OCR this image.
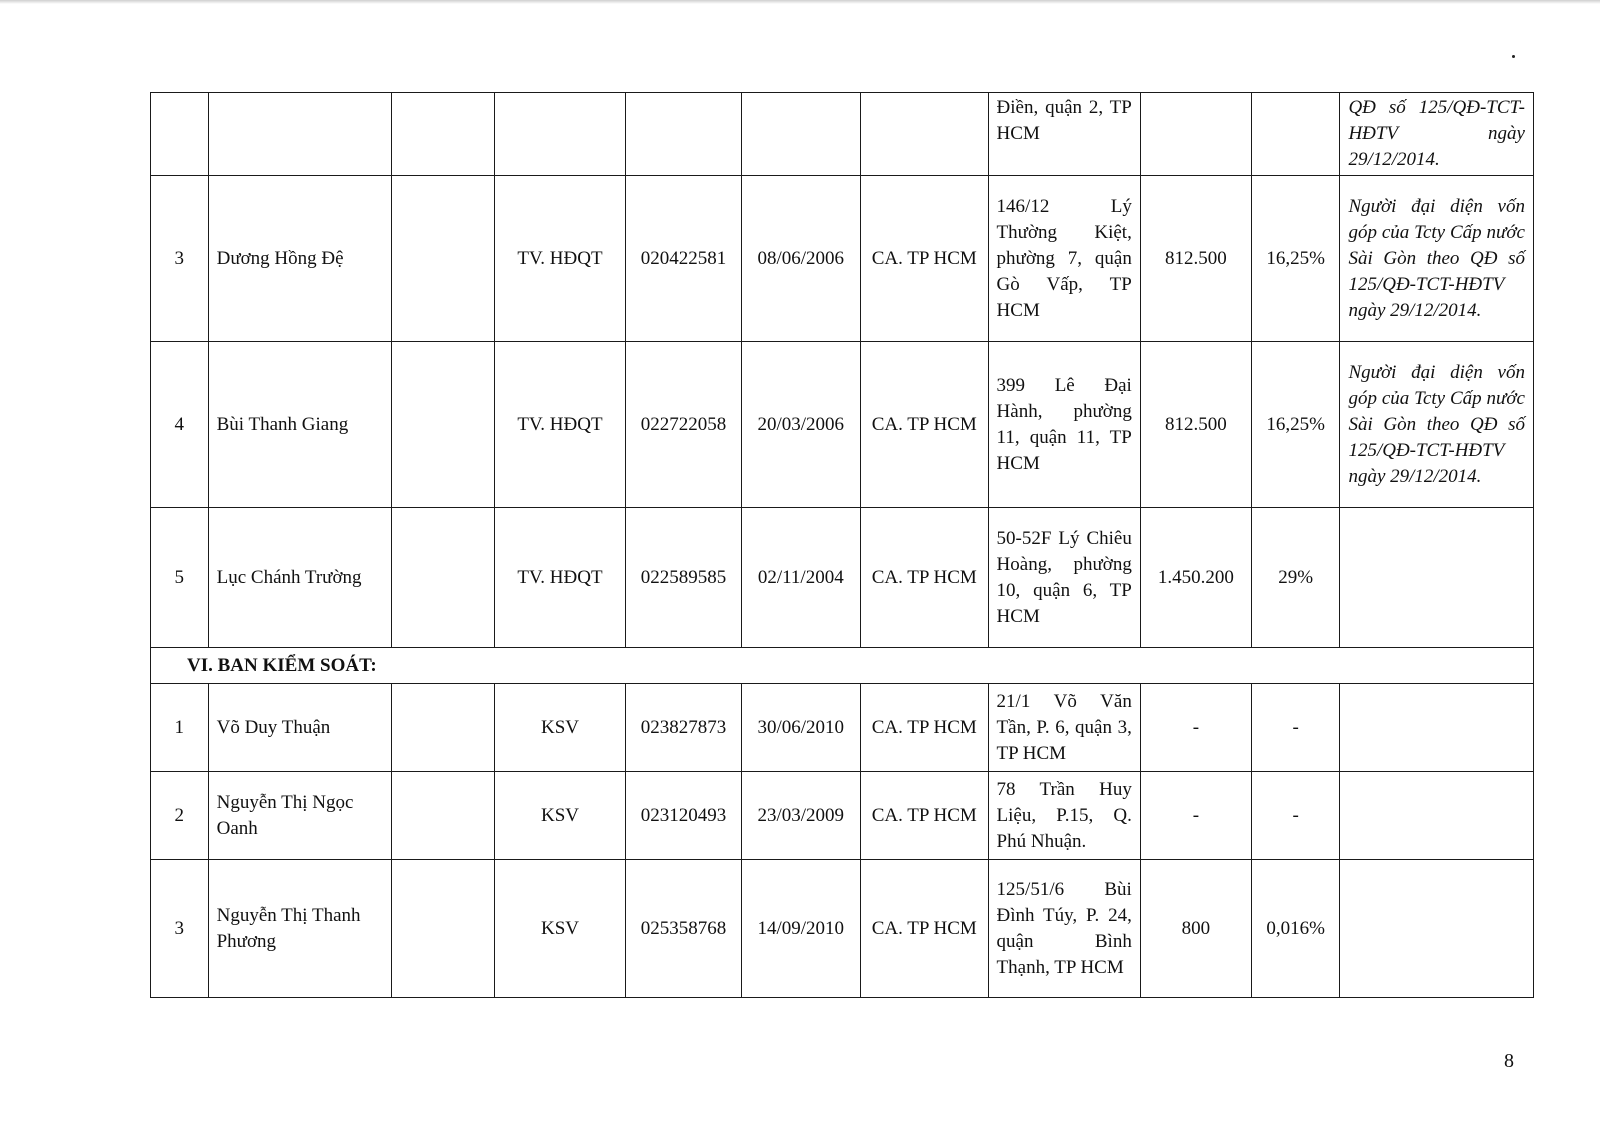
							Điền, quận 2, TP HCM			QĐ số 125/QĐ-TCT-HĐTV ngày 29/12/2014.
3	Dương Hồng Đệ		TV. HĐQT	020422581	08/06/2006	CA. TP HCM	146/12 Lý Thường Kiệt, phường 7, quận Gò Vấp, TP HCM	812.500	16,25%	Người đại diện vốn góp của Tcty Cấp nước Sài Gòn theo QĐ số 125/QĐ-TCT-HĐTV ngày 29/12/2014.
4	Bùi Thanh Giang		TV. HĐQT	022722058	20/03/2006	CA. TP HCM	399 Lê Đại Hành, phường 11, quận 11, TP HCM	812.500	16,25%	Người đại diện vốn góp của Tcty Cấp nước Sài Gòn theo QĐ số 125/QĐ-TCT-HĐTV ngày 29/12/2014.
5	Lục Chánh Trường		TV. HĐQT	022589585	02/11/2004	CA. TP HCM	50-52F Lý Chiêu Hoàng, phường 10, quận 6, TP HCM	1.450.200	29%	
VI. BAN KIỂM SOÁT:										
1	Võ Duy Thuận		KSV	023827873	30/06/2010	CA. TP HCM	21/1 Võ Văn Tần, P. 6, quận 3, TP HCM	-	-	
2	Nguyễn Thị Ngọc Oanh		KSV	023120493	23/03/2009	CA. TP HCM	78 Trần Huy Liệu, P.15, Q. Phú Nhuận.	-	-	
3	Nguyễn Thị Thanh Phương		KSV	025358768	14/09/2010	CA. TP HCM	125/51/6 Bùi Đình Túy, P. 24, quận Bình Thạnh, TP HCM	800	0,016%	
8
